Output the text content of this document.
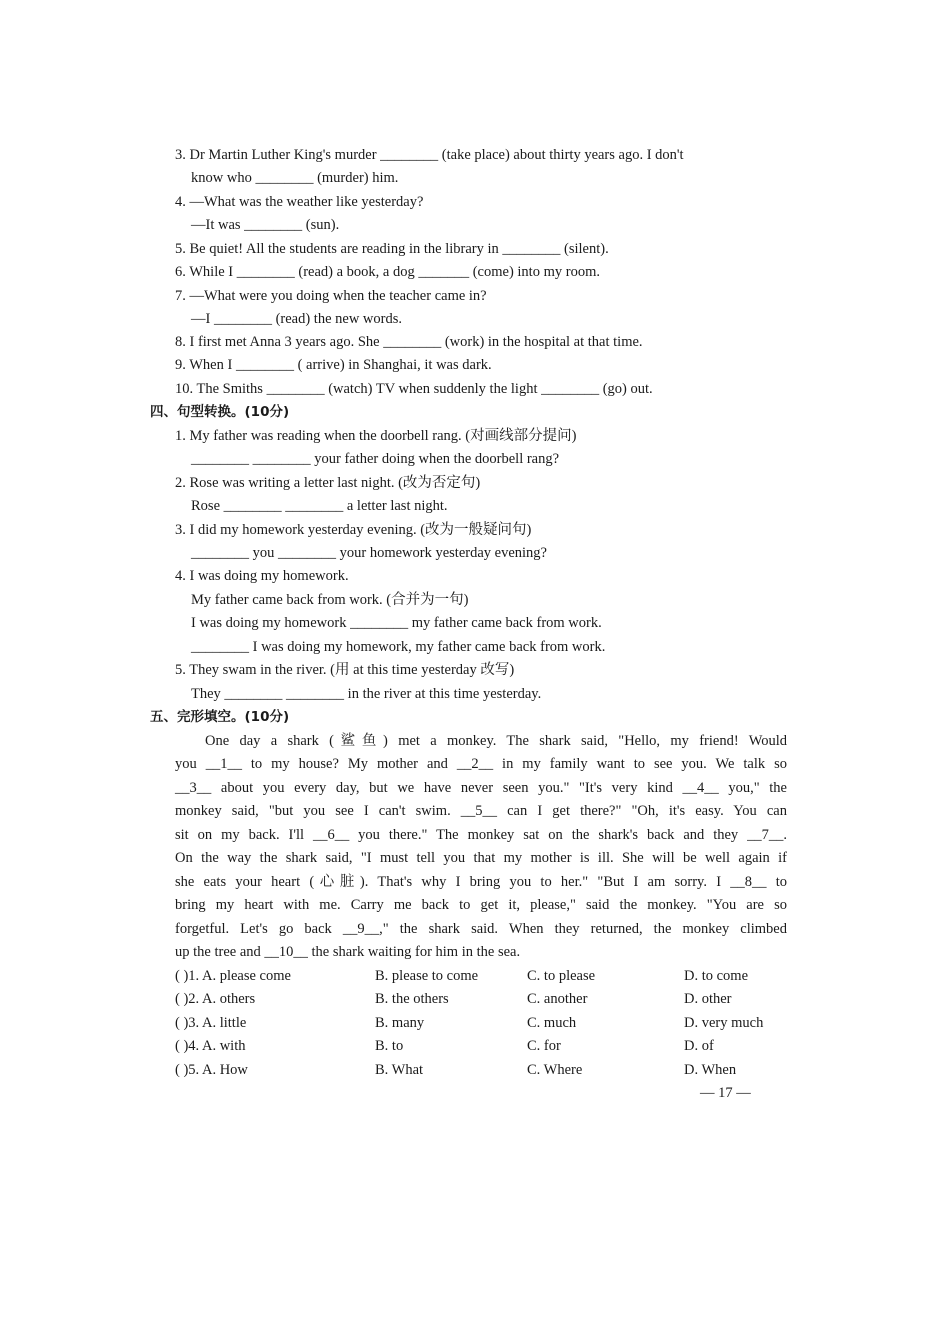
3. Dr Martin Luther King's murder ________ (take place) about thirty years ago. I don't
know who ________ (murder) him.
4. —What was the weather like yesterday?
—It was ________ (sun).
5. Be quiet! All the students are reading in the library in ________ (silent).
6. While I ________ (read) a book, a dog _______ (come) into my room.
7. —What were you doing when the teacher came in?
—I ________ (read) the new words.
8. I first met Anna 3 years ago. She ________ (work) in the hospital at that time.
9. When I ________ ( arrive) in Shanghai, it was dark.
10. The Smiths ________ (watch) TV when suddenly the light ________ (go) out.
四、句型转换。(10分)
1. My father was reading when the doorbell rang. (对画线部分提问)
________ ________ your father doing when the doorbell rang?
2. Rose was writing a letter last night. (改为否定句)
Rose ________ ________ a letter last night.
3. I did my homework yesterday evening. (改为一般疑问句)
________ you ________ your homework yesterday evening?
4. I was doing my homework.
My father came back from work. (合并为一句)
I was doing my homework ________ my father came back from work.
________ I was doing my homework, my father came back from work.
5. They swam in the river. (用 at this time yesterday 改写)
They ________ ________ in the river at this time yesterday.
五、完形填空。(10分)
One day a shark (鲨鱼) met a monkey. The shark said, "Hello, my friend! Would
you __1__ to my house? My mother and __2__ in my family want to see you. We talk so
__3__ about you every day, but we have never seen you." "It's very kind __4__ you," the
monkey said, "but you see I can't swim. __5__ can I get there?" "Oh, it's easy. You can
sit on my back. I'll __6__ you there." The monkey sat on the shark's back and they __7__.
On the way the shark said, "I must tell you that my mother is ill. She will be well again if
she eats your heart (心脏). That's why I bring you to her." "But I am sorry. I __8__ to
bring my heart with me. Carry me back to get it, please," said the monkey. "You are so
forgetful. Let's go back __9__," the shark said. When they returned, the monkey climbed
up the tree and __10__ the shark waiting for him in the sea.
( )1. A. please come	B. please to come	C. to please	D. to come
( )2. A. others	B. the others	C. another	D. other
( )3. A. little	B. many	C. much	D. very much
( )4. A. with	B. to	C. for	D. of
( )5. A. How	B. What	C. Where	D. When
— 17 —
